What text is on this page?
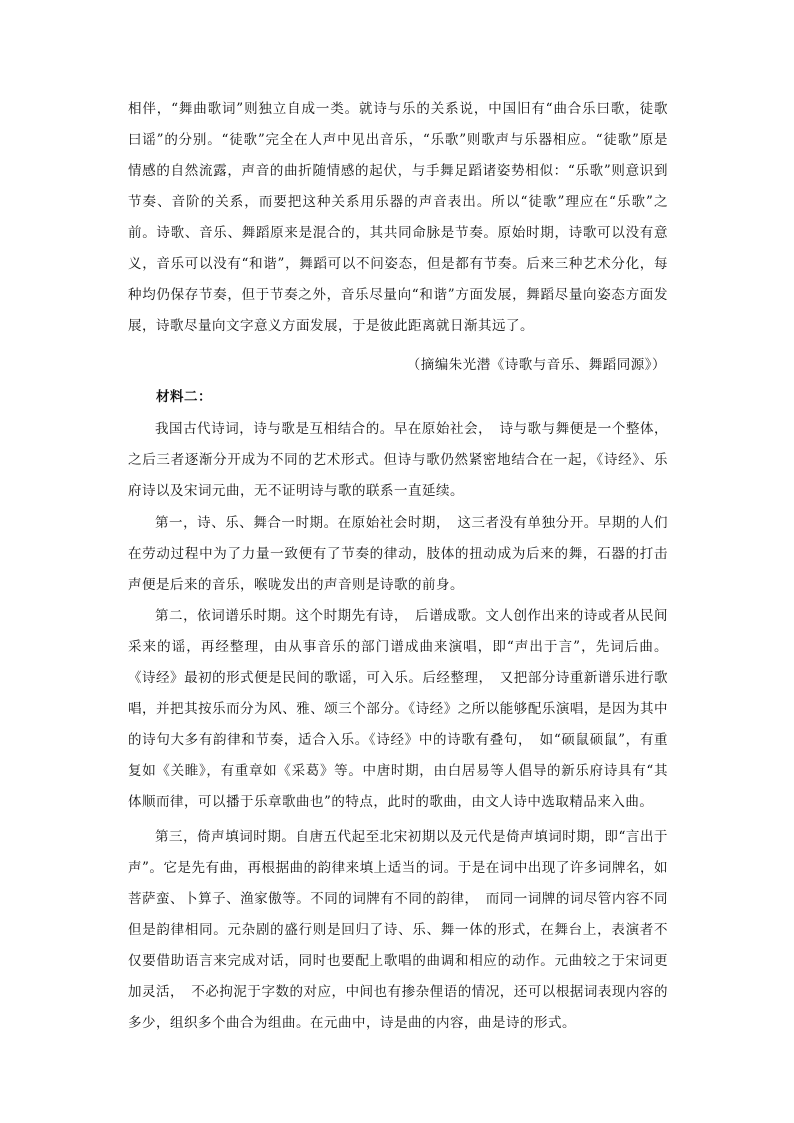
相伴，“舞曲歌词”则独立自成一类。就诗与乐的关系说，中国旧有“曲合乐曰歌，徒歌曰谣”的分别。“徒歌”完全在人声中见出音乐，“乐歌”则歌声与乐器相应。“徒歌”原是情感的自然流露，声音的曲折随情感的起伏，与手舞足蹈诸姿势相似：“乐歌”则意识到节奏、音阶的关系，而要把这种关系用乐器的声音表出。所以“徒歌”理应在“乐歌”之前。诗歌、音乐、舞蹈原来是混合的，其共同命脉是节奏。原始时期，诗歌可以没有意义，音乐可以没有“和谐”，舞蹈可以不问姿态，但是都有节奏。后来三种艺术分化，每种均仍保存节奏，但于节奏之外，音乐尽量向“和谐”方面发展，舞蹈尽量向姿态方面发展，诗歌尽量向文字意义方面发展，于是彼此距离就日渐其远了。

（摘编朱光潜《诗歌与音乐、舞蹈同源》）

材料二：

我国古代诗词，诗与歌是互相结合的。早在原始社会，　诗与歌与舞便是一个整体，之后三者逐渐分开成为不同的艺术形式。但诗与歌仍然紧密地结合在一起，《诗经》、乐府诗以及宋词元曲，无不证明诗与歌的联系一直延续。

第一，诗、乐、舞合一时期。在原始社会时期，　这三者没有单独分开。早期的人们在劳动过程中为了力量一致便有了节奏的律动，肢体的扭动成为后来的舞，石器的打击声便是后来的音乐，喉咙发出的声音则是诗歌的前身。

第二，依词谱乐时期。这个时期先有诗，　后谱成歌。文人创作出来的诗或者从民间采来的谣，再经整理，由从事音乐的部门谱成曲来演唱，即“声出于言”，先词后曲。《诗经》最初的形式便是民间的歌谣，可入乐。后经整理，　又把部分诗重新谱乐进行歌唱，并把其按乐而分为风、雅、颂三个部分。《诗经》之所以能够配乐演唱，是因为其中的诗句大多有韵律和节奏，适合入乐。《诗经》中的诗歌有叠句，　如“硕鼠硕鼠”，有重复如《关睢》，有重章如《采葛》等。中唐时期，由白居易等人倡导的新乐府诗具有“其体顺而律，可以播于乐章歌曲也”的特点，此时的歌曲，由文人诗中选取精品来入曲。

第三，倚声填词时期。自唐五代起至北宋初期以及元代是倚声填词时期，即“言出于声”。它是先有曲，再根据曲的韵律来填上适当的词。于是在词中出现了许多词牌名，如菩萨蛮、卜算子、渔家傲等。不同的词牌有不同的韵律，　而同一词牌的词尽管内容不同但是韵律相同。元杂剧的盛行则是回归了诗、乐、舞一体的形式，在舞台上，表演者不仅要借助语言来完成对话，同时也要配上歌唱的曲调和相应的动作。元曲较之于宋词更加灵活，　不必拘泥于字数的对应，中间也有掺杂俚语的情况，还可以根据词表现内容的多少，组织多个曲合为组曲。在元曲中，诗是曲的内容，曲是诗的形式。
